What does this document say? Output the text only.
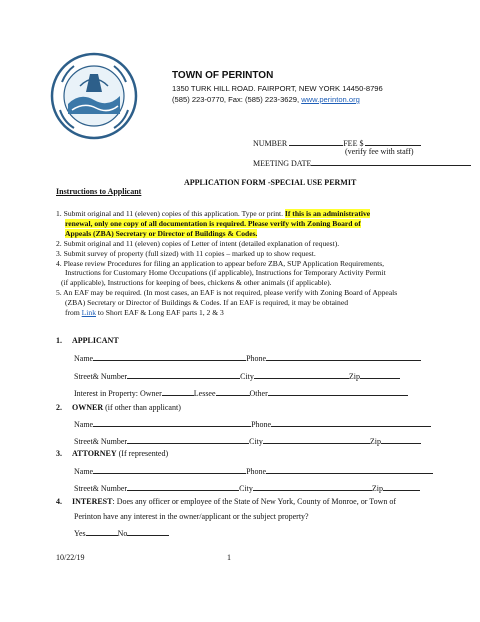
TOWN OF PERINTON
1350 TURK HILL ROAD. FAIRPORT, NEW YORK 14450-8796
(585) 223-0770, Fax: (585) 223-3629, www.perinton.org
NUMBER	FEE $
(verify fee with staff)
MEETING DATE
APPLICATION FORM -SPECIAL USE PERMIT
Instructions to Applicant
1. Submit original and 11 (eleven) copies of this application. Type or print. If this is an administrative
renewal, only one copy of all documentation is required. Please verify with Zoning Board of
Appeals (ZBA) Secretary or Director of Buildings & Codes.
2. Submit original and 11 (eleven) copies of Letter of intent (detailed explanation of request).
3. Submit survey of property (full sized) with 11 copies – marked up to show request.
4. Please review Procedures for filing an application to appear before ZBA, SUP Application Requirements,
Instructions for Customary Home Occupations (if applicable), Instructions for Temporary Activity Permit
(if applicable), Instructions for keeping of bees, chickens & other animals (if applicable).
5. An EAF may be required. (In most cases, an EAF is not required, please verify with Zoning Board of Appeals
(ZBA) Secretary or Director of Buildings & Codes. If an EAF is required, it may be obtained
from Link to Short EAF & Long EAF parts 1, 2 & 3
1. APPLICANT
Name	Phone
Street& Number	City	Zip
Interest in Property: Owner	Lessee	Other
2. OWNER (if other than applicant)
Name	Phone
Street& Number	City	Zip
3. ATTORNEY (If represented)
Name	Phone
Street& Number	City	Zip
4. INTEREST: Does any officer or employee of the State of New York, County of Monroe, or Town of
Perinton have any interest in the owner/applicant or the subject property?
Yes	No
10/22/19	1
